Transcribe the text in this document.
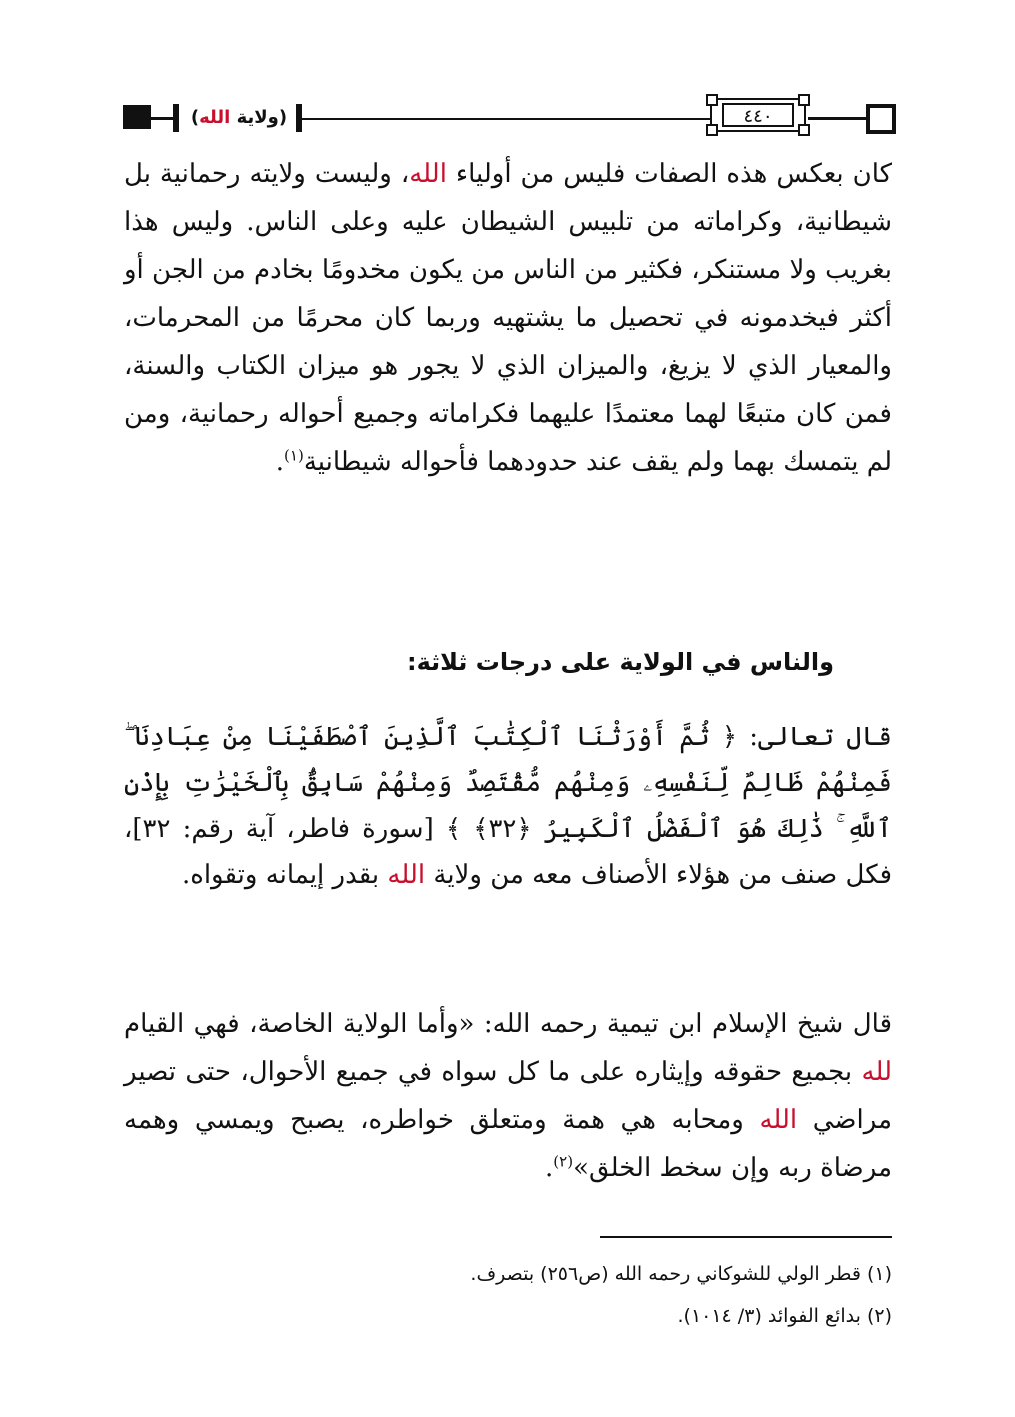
(ولاية الله)	٤٤٠

كان بعكس هذه الصفات فليس من أولياء الله، وليست ولايته رحمانية بل شيطانية، وكراماته من تلبيس الشيطان عليه وعلى الناس. وليس هذا بغريب ولا مستنكر، فكثير من الناس من يكون مخدومًا بخادم من الجن أو أكثر فيخدمونه في تحصيل ما يشتهيه وربما كان محرمًا من المحرمات، والمعيار الذي لا يزيغ، والميزان الذي لا يجور هو ميزان الكتاب والسنة، فمن كان متبعًا لهما معتمدًا عليهما فكراماته وجميع أحواله رحمانية، ومن لم يتمسك بهما ولم يقف عند حدودهما فأحواله شيطانية$^{(١)}$.

والناس في الولاية على درجات ثلاثة:

قال تعالى: ﴿ ثُمَّ أَوْرَثْنَا ٱلْكِتَٰبَ ٱلَّذِينَ ٱصْطَفَيْنَا مِنْ عِبَادِنَا ۖ فَمِنْهُمْ ظَالِمٌ لِّنَفْسِهِۦ وَمِنْهُم مُّقْتَصِدٌ وَمِنْهُمْ سَابِقٌۢ بِٱلْخَيْرَٰتِ بِإِذْنِ ٱللَّهِ ۚ ذَٰلِكَ هُوَ ٱلْفَضْلُ ٱلْكَبِيرُ ﴿٣٢﴾ ﴾ [سورة فاطر، آية رقم: ٣٢]، فكل صنف من هؤلاء الأصناف معه من ولاية الله بقدر إيمانه وتقواه.

قال شيخ الإسلام ابن تيمية رحمه الله: «وأما الولاية الخاصة، فهي القيام لله بجميع حقوقه وإيثاره على ما كل سواه في جميع الأحوال، حتى تصير مراضي الله ومحابه هي همة ومتعلق خواطره، يصبح ويمسي وهمه مرضاة ربه وإن سخط الخلق»$^{(٢)}$.

(١) قطر الولي للشوكاني رحمه الله (ص٢٥٦) بتصرف.
(٢) بدائع الفوائد (٣/ ١٠١٤).
